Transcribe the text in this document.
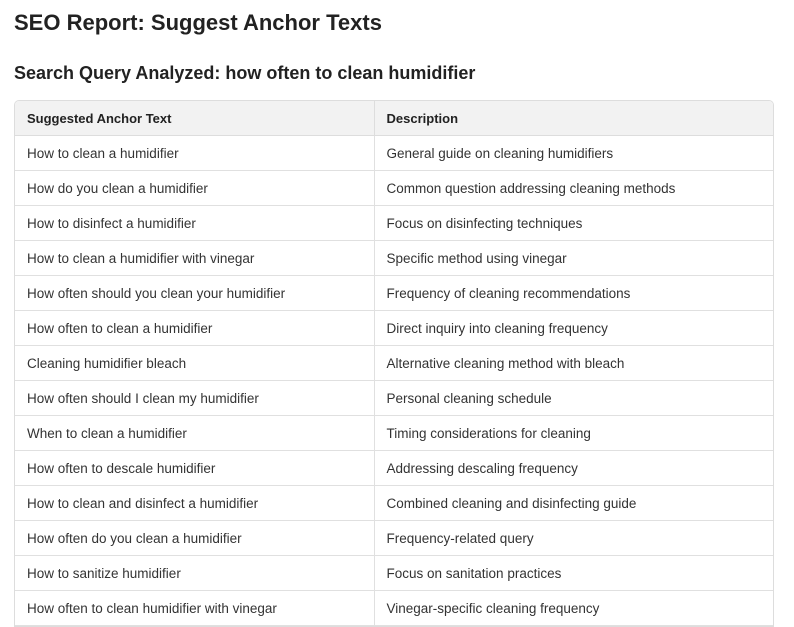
SEO Report: Suggest Anchor Texts
Search Query Analyzed: how often to clean humidifier
Suggested Anchor Text	Description
How to clean a humidifier	General guide on cleaning humidifiers
How do you clean a humidifier	Common question addressing cleaning methods
How to disinfect a humidifier	Focus on disinfecting techniques
How to clean a humidifier with vinegar	Specific method using vinegar
How often should you clean your humidifier	Frequency of cleaning recommendations
How often to clean a humidifier	Direct inquiry into cleaning frequency
Cleaning humidifier bleach	Alternative cleaning method with bleach
How often should I clean my humidifier	Personal cleaning schedule
When to clean a humidifier	Timing considerations for cleaning
How often to descale humidifier	Addressing descaling frequency
How to clean and disinfect a humidifier	Combined cleaning and disinfecting guide
How often do you clean a humidifier	Frequency-related query
How to sanitize humidifier	Focus on sanitation practices
How often to clean humidifier with vinegar	Vinegar-specific cleaning frequency
